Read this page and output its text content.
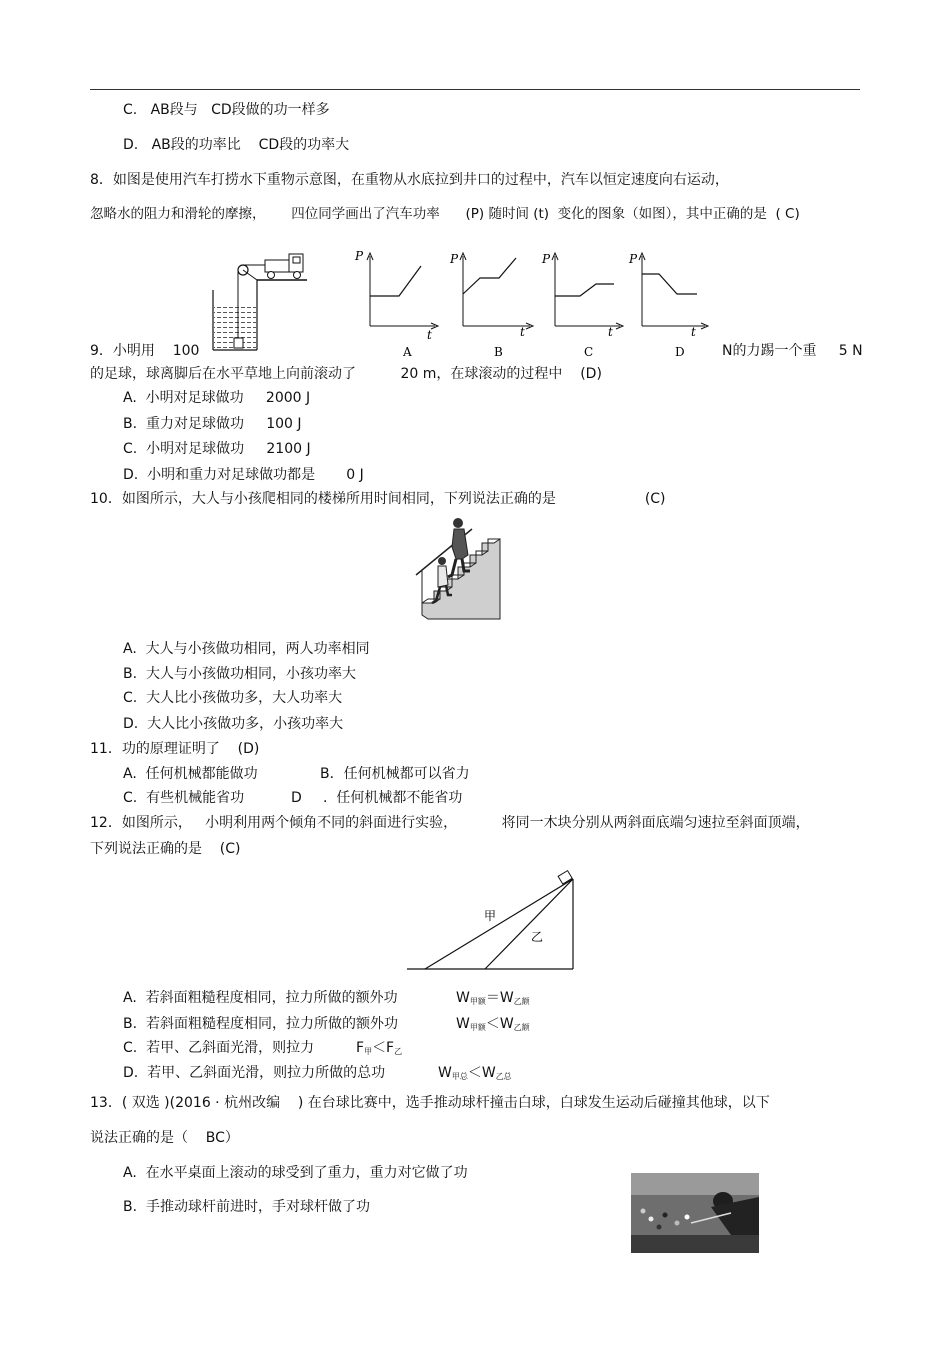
C.   AB段与   CD段做的功一样多
D.   AB段的功率比    CD段的功率大
8．如图是使用汽车打捞水下重物示意图，在重物从水底拉到井口的过程中，汽车以恒定速度向右运动，
忽略水的阻力和滑轮的摩擦，      四位同学画出了汽车功率      (P) 随时间 (t)  变化的图象（如图），其中正确的是  ( C)
P
t
A
P
t
B
P
t
C
P
t
D
9．小明用    100	N的力踢一个重     5 N
的足球，球离脚后在水平草地上向前滚动了          20 m，在球滚动的过程中    (D)
A.  小明对足球做功     2000 J
B.  重力对足球做功     100 J
C.  小明对足球做功     2100 J
D.  小明和重力对足球做功都是       0 J
10．如图所示，大人与小孩爬相同的楼梯所用时间相同，下列说法正确的是                    (C)
A.  大人与小孩做功相同，两人功率相同
B.  大人与小孩做功相同，小孩功率大
C.  大人比小孩做功多，大人功率大
D.  大人比小孩做功多，小孩功率大
11．功的原理证明了    (D)
A.  任何机械都能做功	B．任何机械都可以省力
C.  有些机械能省功	D .  任何机械都不能省功
12．如图所示，   小明利用两个倾角不同的斜面进行实验，          将同一木块分别从两斜面底端匀速拉至斜面顶端，
下列说法正确的是    (C)
甲
乙
A.  若斜面粗糙程度相同，拉力所做的额外功	$W_{甲额}=W_{乙额}$
B.  若斜面粗糙程度相同，拉力所做的额外功	$W_{甲额}<W_{乙额}$
C.  若甲、乙斜面光滑，则拉力	$F_甲<F_乙$
D.  若甲、乙斜面光滑，则拉力所做的总功	$W_{甲总}<W_{乙总}$
13．( 双选 )(2016 · 杭州改编    ) 在台球比赛中，选手推动球杆撞击白球，白球发生运动后碰撞其他球，以下
说法正确的是（    BC）
A.  在水平桌面上滚动的球受到了重力，重力对它做了功
B.  手推动球杆前进时，手对球杆做了功
